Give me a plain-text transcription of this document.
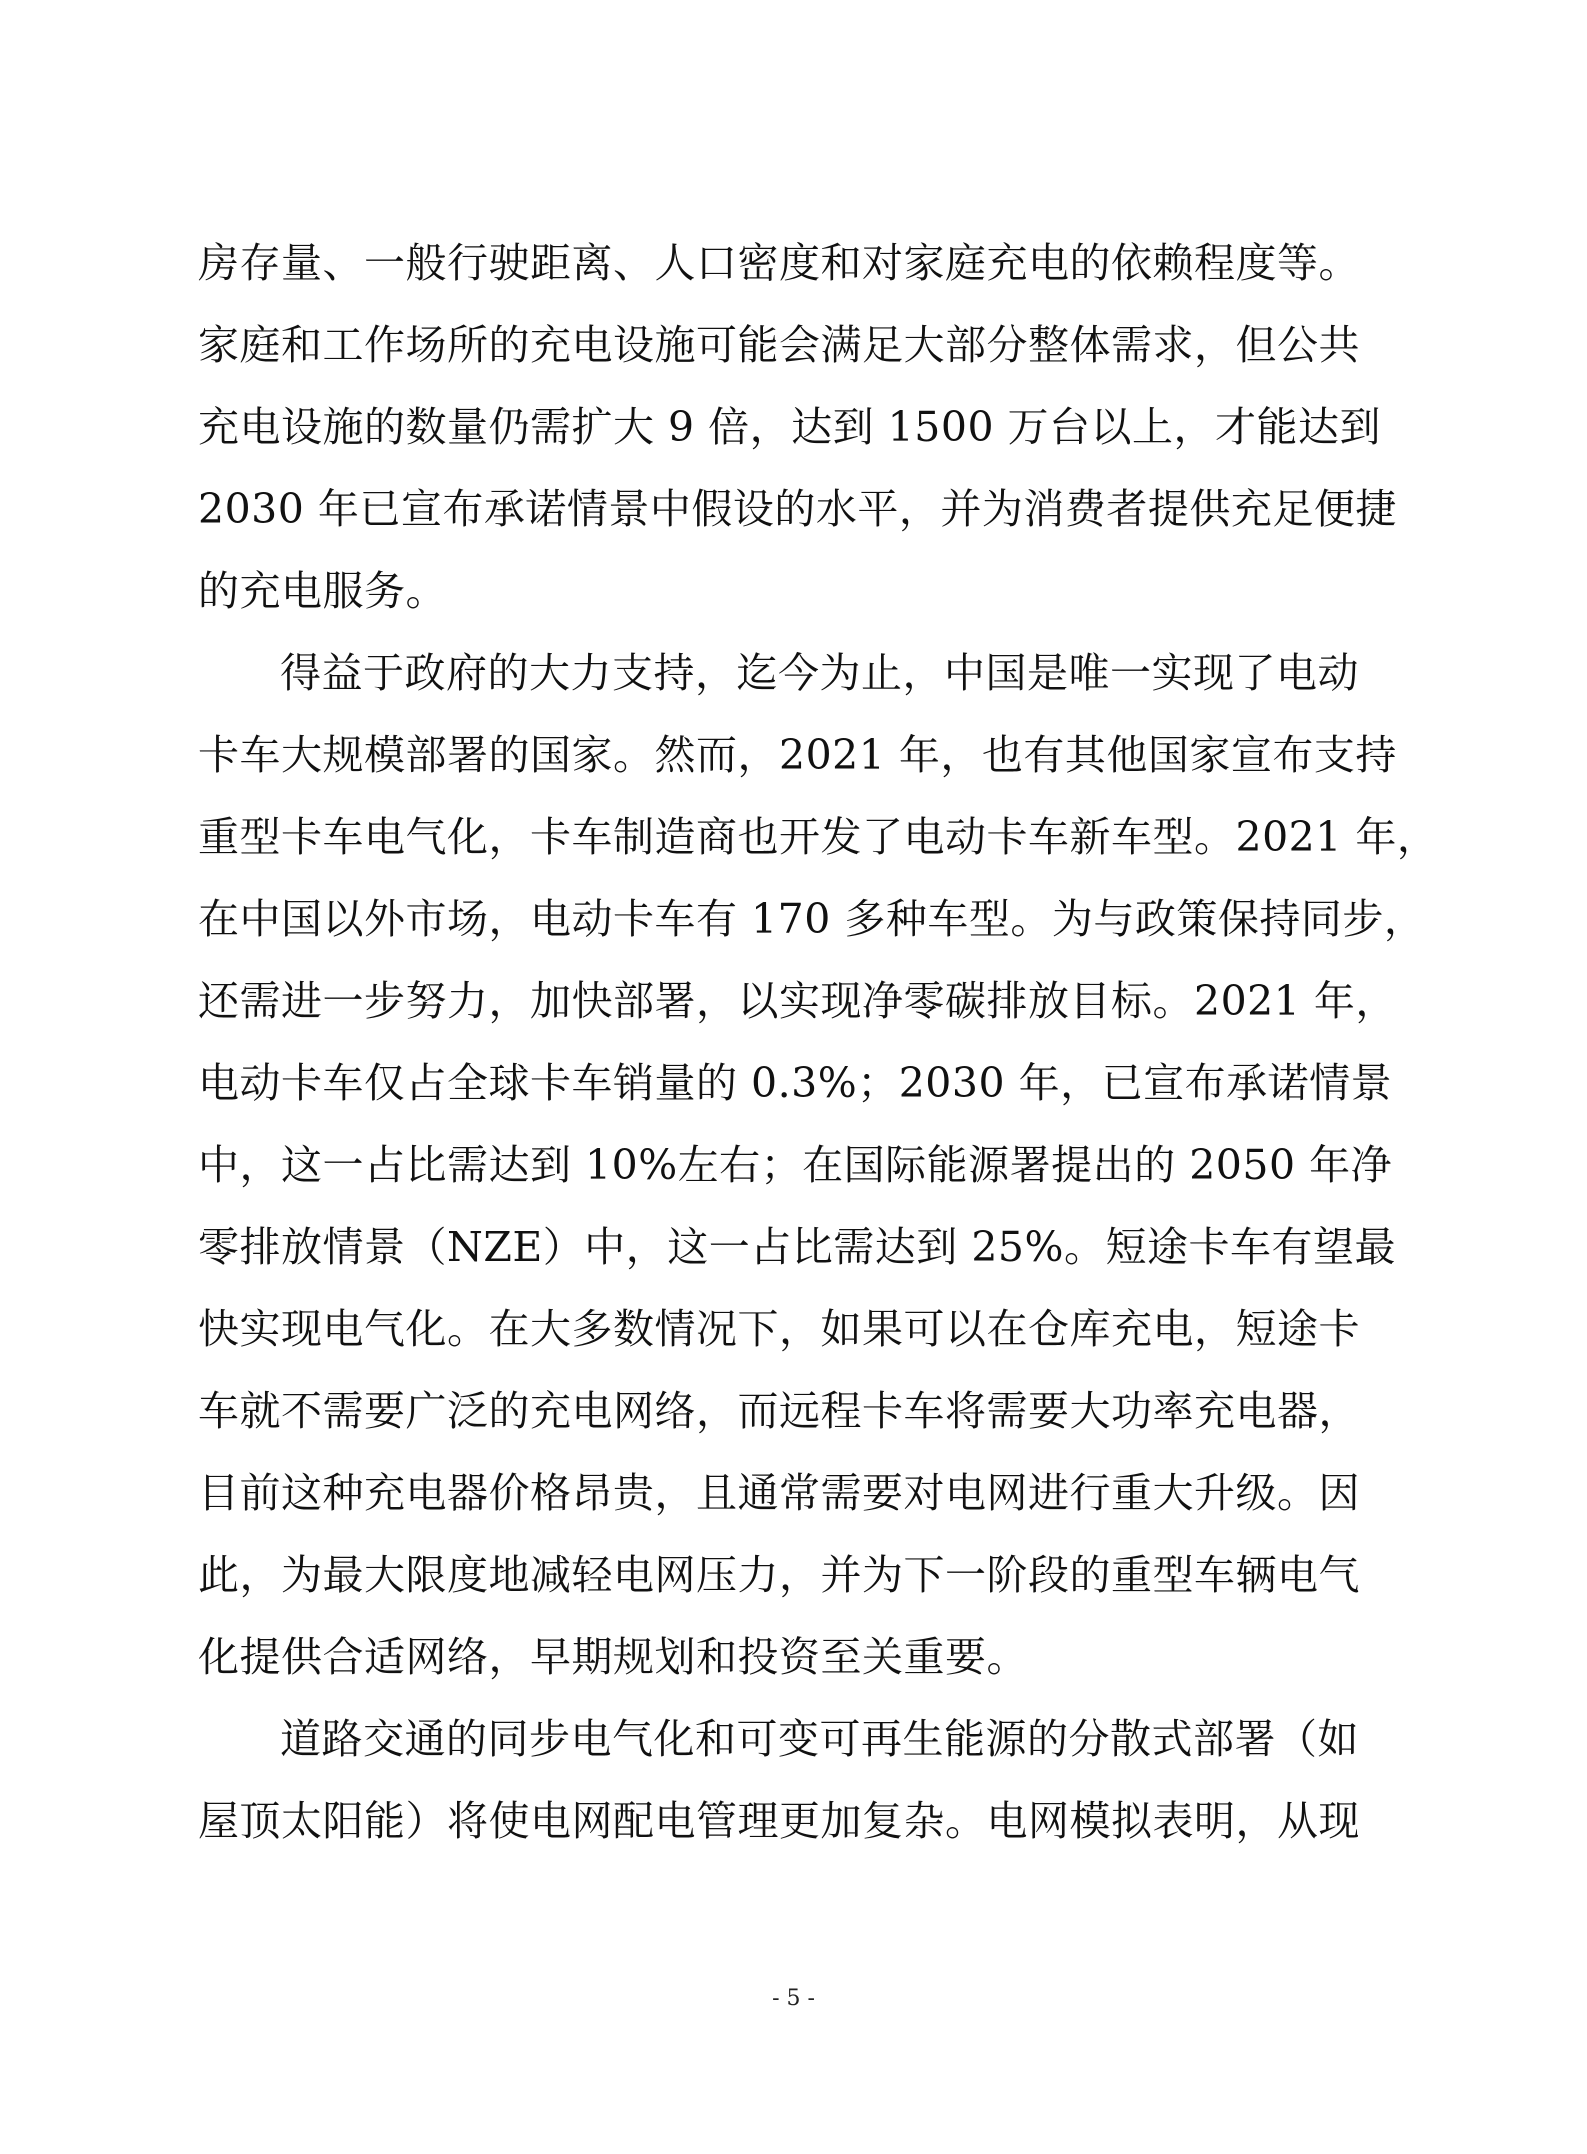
房存量、一般行驶距离、人口密度和对家庭充电的依赖程度等。
家庭和工作场所的充电设施可能会满足大部分整体需求，但公共
充电设施的数量仍需扩大 9 倍，达到 1500 万台以上，才能达到
2030 年已宣布承诺情景中假设的水平，并为消费者提供充足便捷
的充电服务。
得益于政府的大力支持，迄今为止，中国是唯一实现了电动
卡车大规模部署的国家。然而，2021 年，也有其他国家宣布支持
重型卡车电气化，卡车制造商也开发了电动卡车新车型。2021 年，
在中国以外市场，电动卡车有 170 多种车型。为与政策保持同步，
还需进一步努力，加快部署，以实现净零碳排放目标。2021 年，
电动卡车仅占全球卡车销量的 0.3%；2030 年，已宣布承诺情景
中，这一占比需达到 10%左右；在国际能源署提出的 2050 年净
零排放情景（NZE）中，这一占比需达到 25%。短途卡车有望最
快实现电气化。在大多数情况下，如果可以在仓库充电，短途卡
车就不需要广泛的充电网络，而远程卡车将需要大功率充电器，
目前这种充电器价格昂贵，且通常需要对电网进行重大升级。因
此，为最大限度地减轻电网压力，并为下一阶段的重型车辆电气
化提供合适网络，早期规划和投资至关重要。
道路交通的同步电气化和可变可再生能源的分散式部署（如
屋顶太阳能）将使电网配电管理更加复杂。电网模拟表明，从现
- 5 -
